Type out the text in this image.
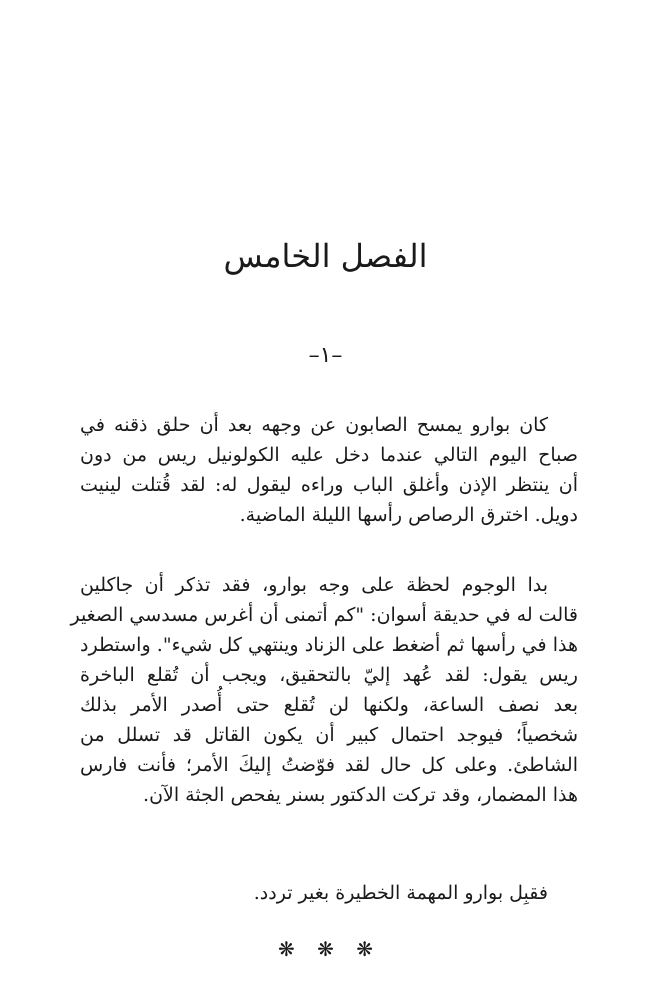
الفصل الخامس
–١–

كان بوارو يمسح الصابون عن وجهه بعد أن حلق ذقنه في
صباح اليوم التالي عندما دخل عليه الكولونيل ريس من دون
أن ينتظر الإذن وأغلق الباب وراءه ليقول له: لقد قُتلت لينيت
دويل. اخترق الرصاص رأسها الليلة الماضية.

بدا الوجوم لحظة على وجه بوارو، فقد تذكر أن جاكلين
قالت له في حديقة أسوان: "كم أتمنى أن أغرس مسدسي الصغير
هذا في رأسها ثم أضغط على الزناد وينتهي كل شيء". واستطرد
ريس يقول: لقد عُهد إليّ بالتحقيق، ويجب أن تُقلع الباخرة
بعد نصف الساعة، ولكنها لن تُقلع حتى أُصدر الأمر بذلك
شخصياً؛ فيوجد احتمال كبير أن يكون القاتل قد تسلل من
الشاطئ. وعلى كل حال لقد فوّضتُ إليكَ الأمر؛ فأنت فارس
هذا المضمار، وقد تركت الدكتور بسنر يفحص الجثة الآن.

فقبِل بوارو المهمة الخطيرة بغير تردد.

❋ ❋ ❋
